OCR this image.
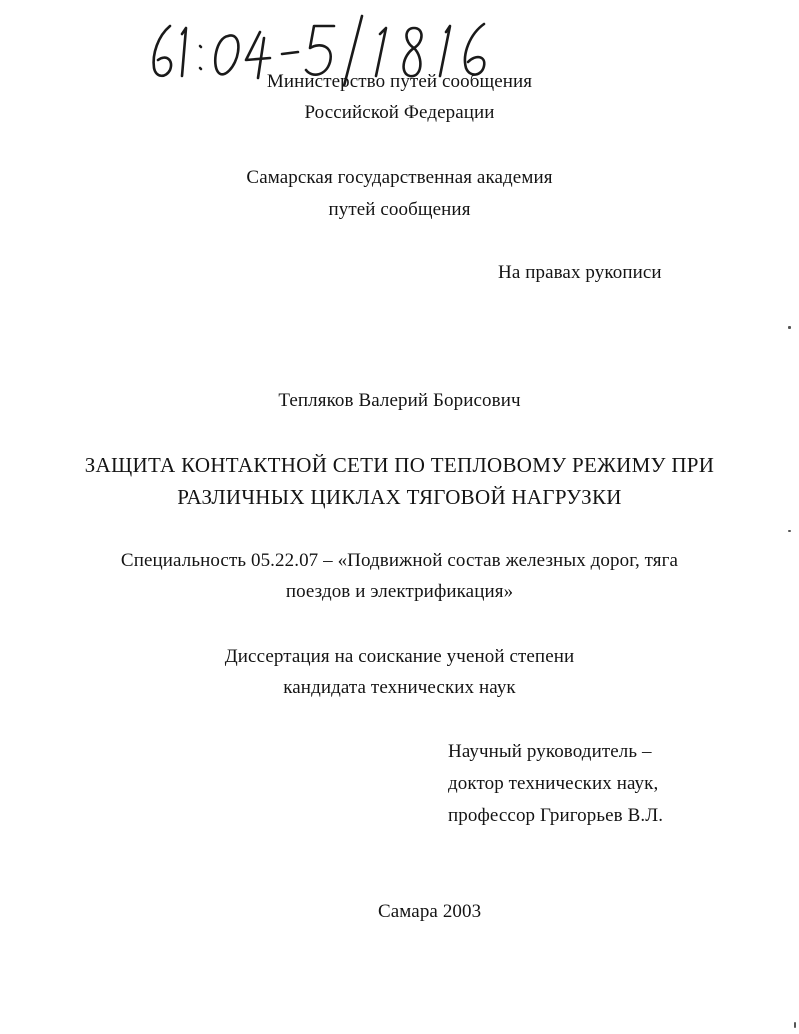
Министерство путей сообщения
Российской Федерации
Самарская государственная академия
путей сообщения
На правах рукописи
Тепляков Валерий Борисович
ЗАЩИТА КОНТАКТНОЙ СЕТИ ПО ТЕПЛОВОМУ РЕЖИМУ ПРИ
РАЗЛИЧНЫХ ЦИКЛАХ ТЯГОВОЙ НАГРУЗКИ
Специальность 05.22.07 – «Подвижной состав железных дорог, тяга
поездов и электрификация»
Диссертация на соискание ученой степени
кандидата технических наук
Научный руководитель –
доктор технических наук,
профессор Григорьев В.Л.
Самара 2003
